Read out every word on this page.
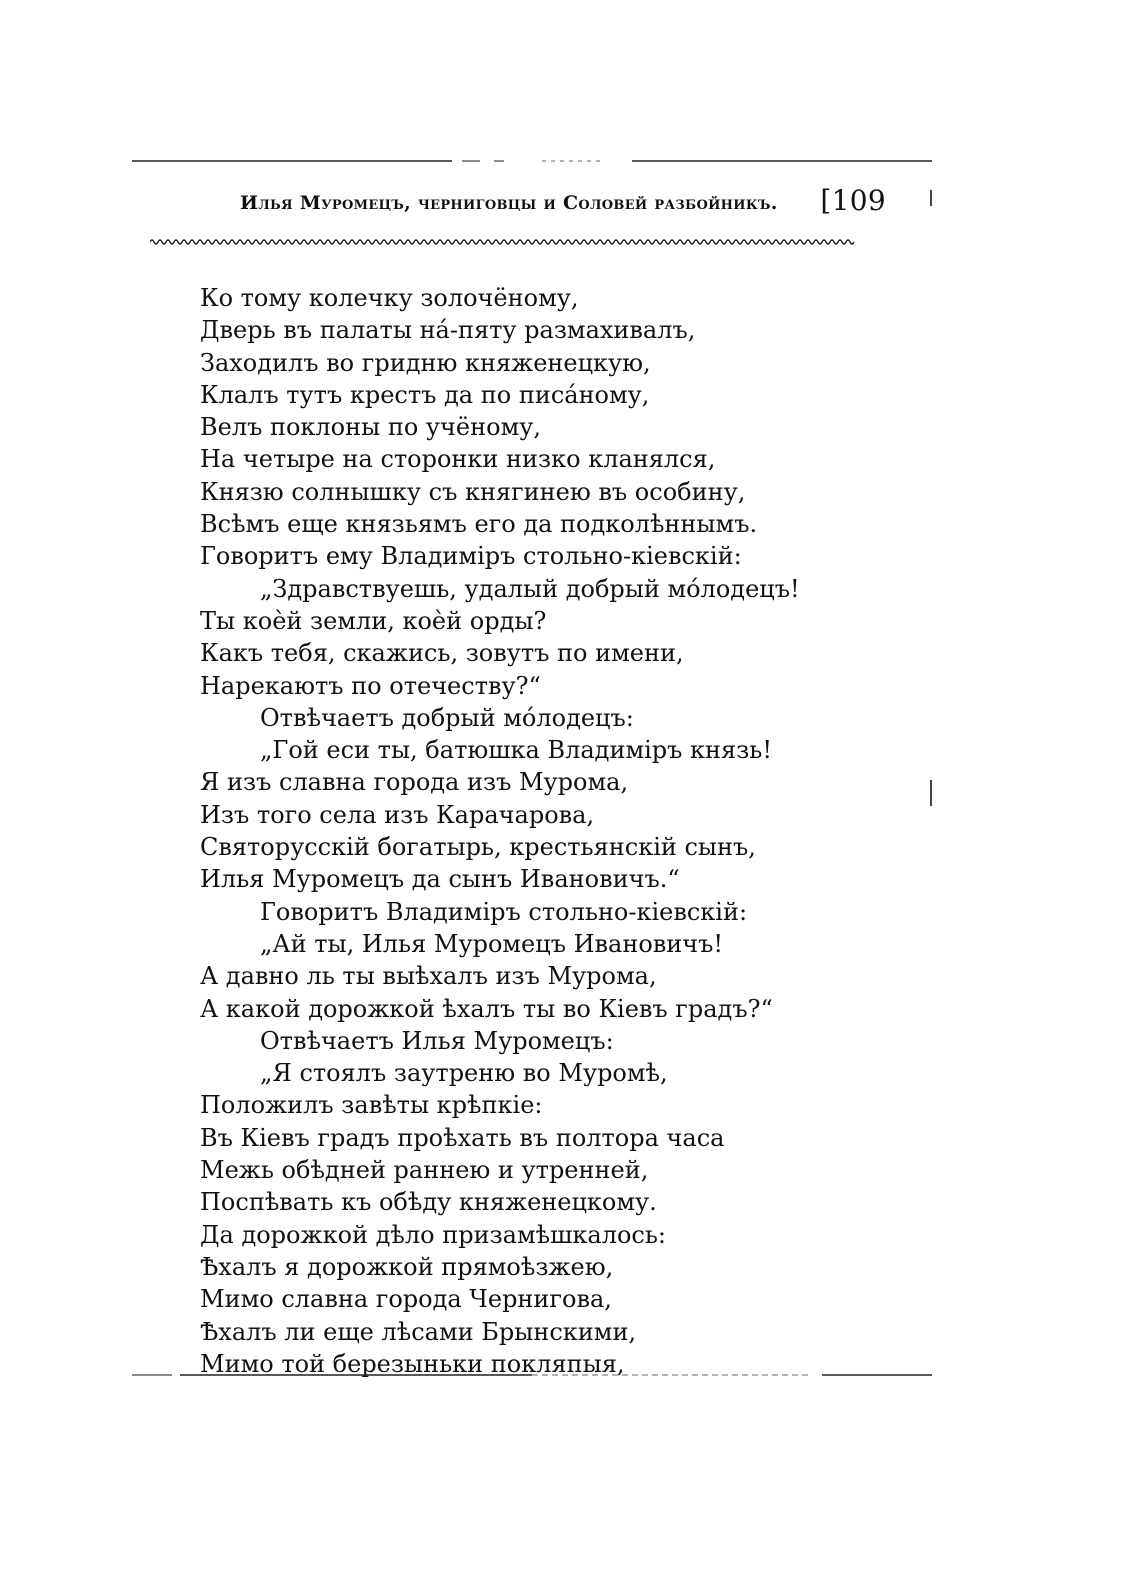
Илья Муромецъ, черниговцы и Соловей разбойникъ. [109
Ко тому колечку золочёному,
Дверь въ палаты на́-пяту размахивалъ,
Заходилъ во гридню княженецкую,
Клалъ тутъ крестъ да по писа́ному,
Велъ поклоны по учёному,
На четыре на сторонки низко кланялся,
Князю солнышку съ княгинею въ особину,
Всѣмъ еще князьямъ его да подколѣннымъ.
Говоритъ ему Владиміръ стольно-кіевскій:
„Здравствуешь, удалый добрый мо́лодецъ!
Ты коѐй земли, коѐй орды?
Какъ тебя, скажись, зовутъ по имени,
Нарекаютъ по отечеству?“
Отвѣчаетъ добрый мо́лодецъ:
„Гой еси ты, батюшка Владиміръ князь!
Я изъ славна города изъ Мурома,
Изъ того села изъ Карачарова,
Святорусскій богатырь, крестьянскій сынъ,
Илья Муромецъ да сынъ Ивановичъ.“
Говоритъ Владиміръ стольно-кіевскій:
„Ай ты, Илья Муромецъ Ивановичъ!
А давно ль ты выѣхалъ изъ Мурома,
А какой дорожкой ѣхалъ ты во Кіевъ градъ?“
Отвѣчаетъ Илья Муромецъ:
„Я стоялъ заутреню во Муромѣ,
Положилъ завѣты крѣпкіе:
Въ Кіевъ градъ проѣхать въ полтора часа
Межь обѣдней раннею и утренней,
Поспѣвать къ обѣду княженецкому.
Да дорожкой дѣло призамѣшкалось:
Ѣхалъ я дорожкой прямоѣзжею,
Мимо славна города Чернигова,
Ѣхалъ ли еще лѣсами Брынскими,
Мимо той березыньки покляпыя,
